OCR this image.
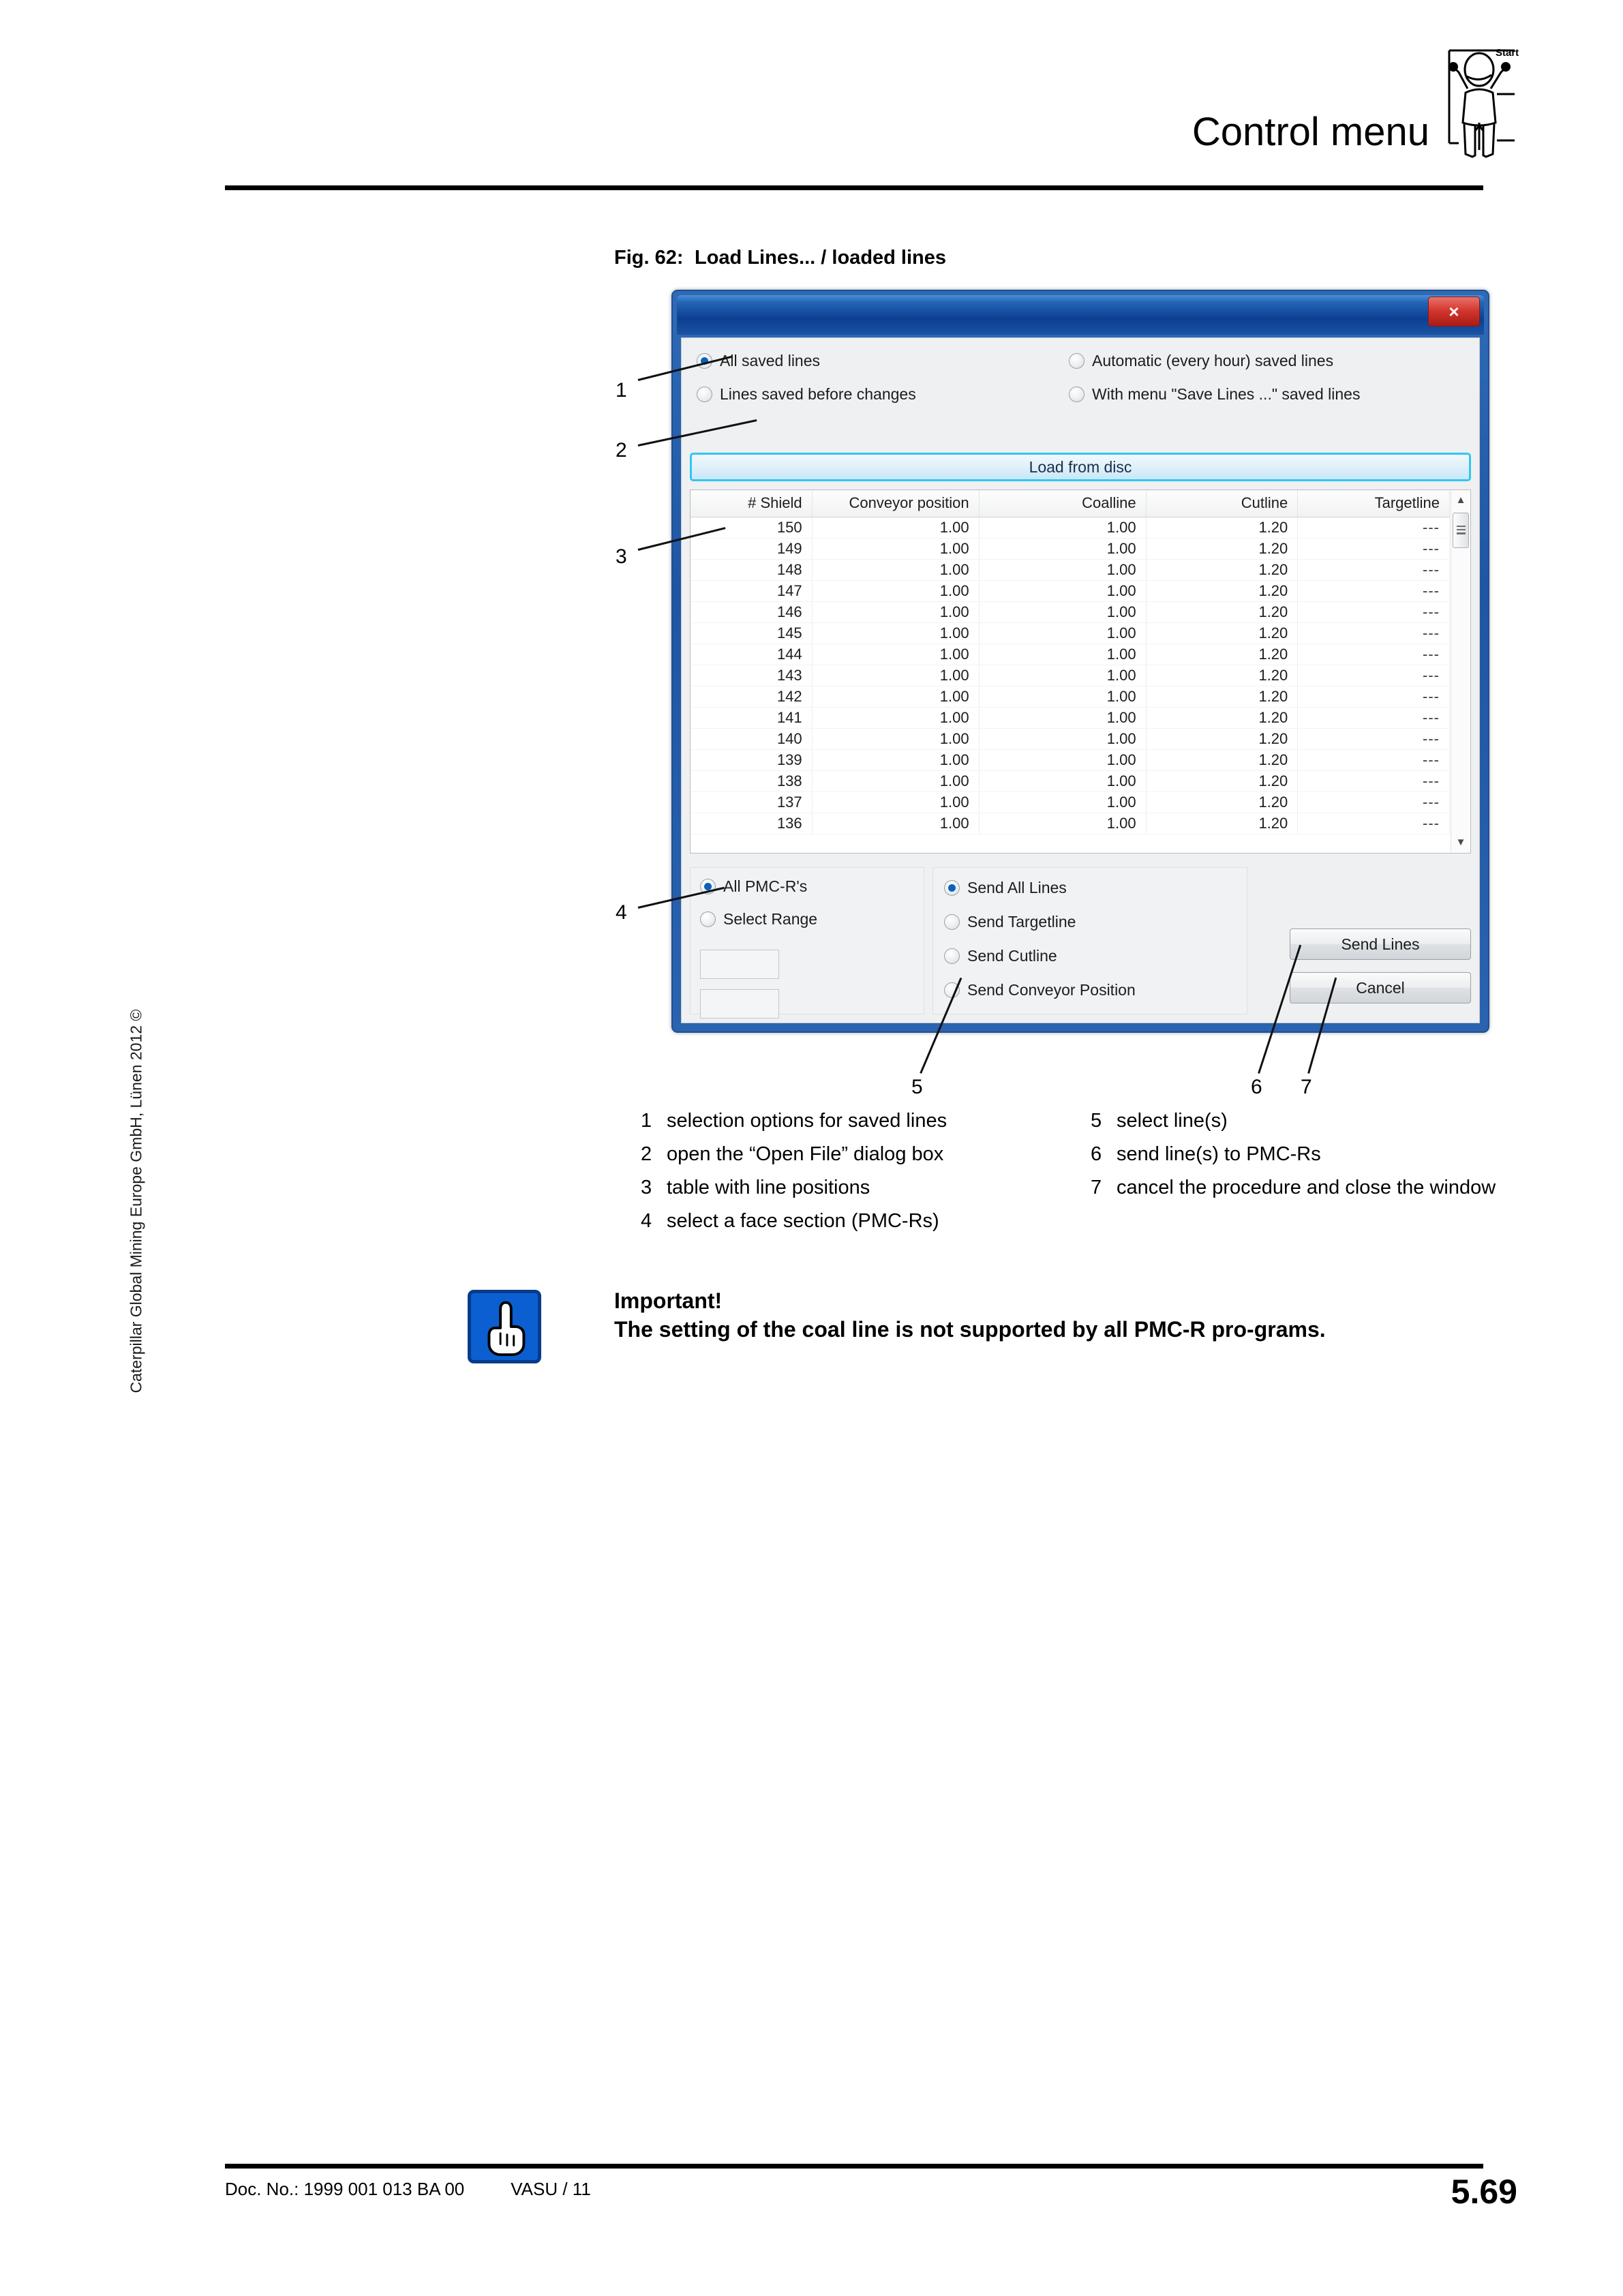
Control menu
Start
Caterpillar Global Mining Europe GmbH, Lünen 2012 ©
Fig. 62: Load Lines... / loaded lines
×
All saved lines
Lines saved before changes
Automatic (every hour) saved lines
With menu "Save Lines ..." saved lines
Load from disc
# Shield	Conveyor position	Coalline	Cutline	Targetline
150	1.00	1.00	1.20	---
149	1.00	1.00	1.20	---
148	1.00	1.00	1.20	---
147	1.00	1.00	1.20	---
146	1.00	1.00	1.20	---
145	1.00	1.00	1.20	---
144	1.00	1.00	1.20	---
143	1.00	1.00	1.20	---
142	1.00	1.00	1.20	---
141	1.00	1.00	1.20	---
140	1.00	1.00	1.20	---
139	1.00	1.00	1.20	---
138	1.00	1.00	1.20	---
137	1.00	1.00	1.20	---
136	1.00	1.00	1.20	---
▲
▼
All PMC-R's
Select Range
Send All Lines
Send Targetline
Send Cutline
Send Conveyor Position
Send Lines
Cancel
1
2
3
4
5	6 7
1 selection options for saved lines
2 open the “Open File” dialog box
3 table with line positions
4 select a face section (PMC-Rs)
5 select line(s)
6 send line(s) to PMC-Rs
7 cancel the procedure and close the window
Important!
The setting of the coal line is not supported by all PMC-R pro-grams.
Doc. No.: 1999 001 013 BA 00	VASU / 11	5.69
